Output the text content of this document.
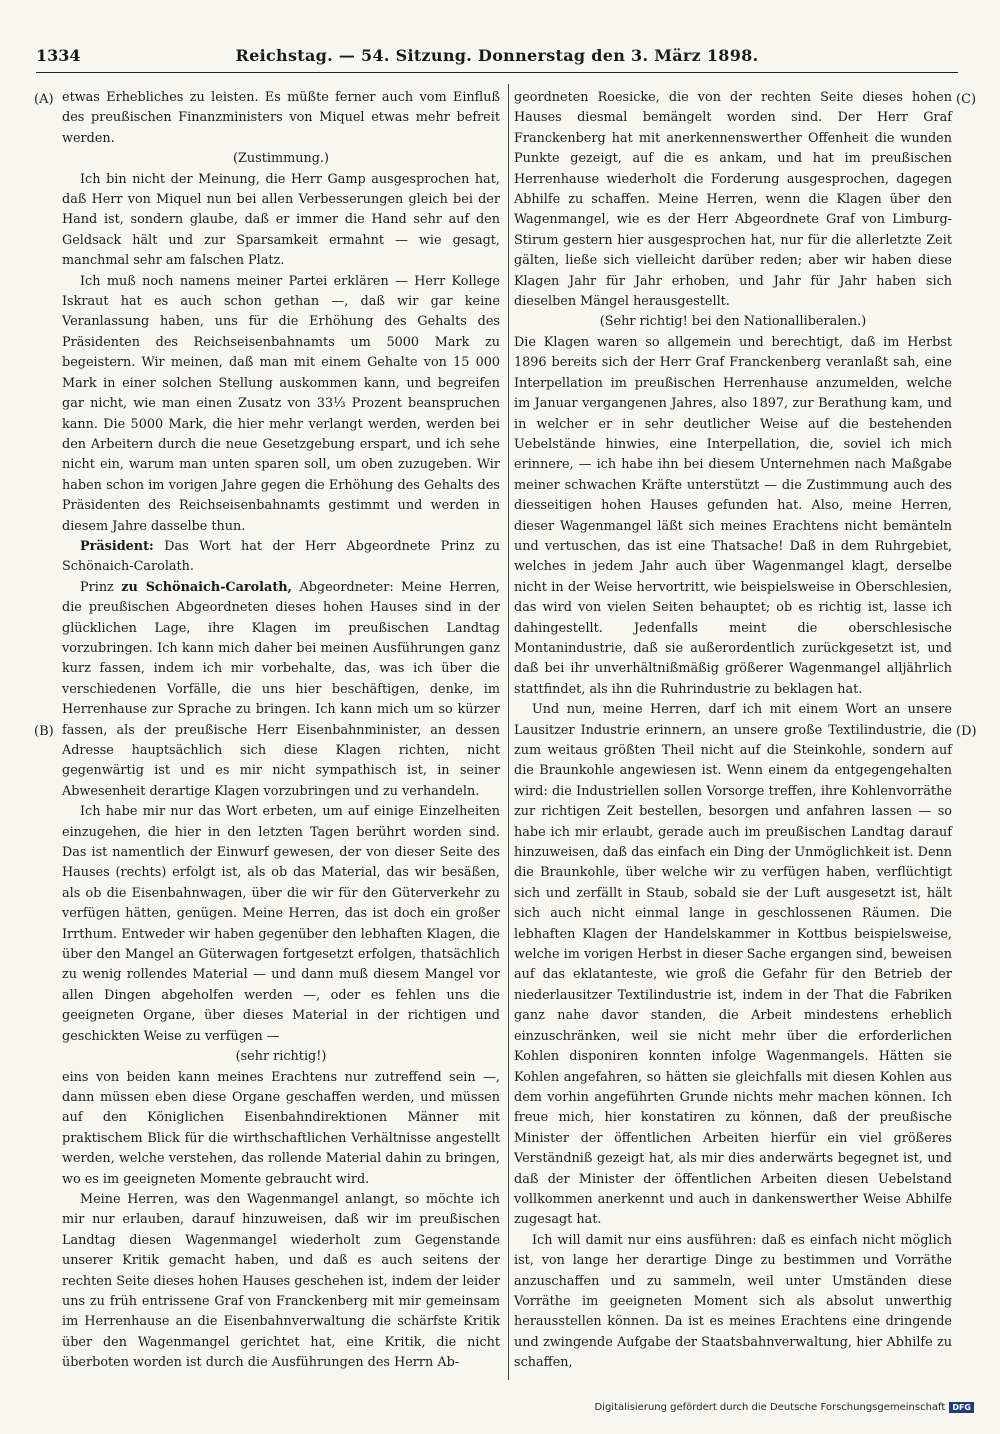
1334	Reichstag. — 54. Sitzung. Donnerstag den 3. März 1898.
(A)
(B)
(C)
(D)

etwas Erhebliches zu leisten. Es müßte ferner auch vom Einfluß des preußischen Finanzministers von Miquel etwas mehr befreit werden.

(Zustimmung.)

Ich bin nicht der Meinung, die Herr Gamp ausgesprochen hat, daß Herr von Miquel nun bei allen Verbesserungen gleich bei der Hand ist, sondern glaube, daß er immer die Hand sehr auf den Geldsack hält und zur Sparsamkeit ermahnt — wie gesagt, manchmal sehr am falschen Platz.

Ich muß noch namens meiner Partei erklären — Herr Kollege Iskraut hat es auch schon gethan —, daß wir gar keine Veranlassung haben, uns für die Erhöhung des Gehalts des Präsidenten des Reichseisenbahnamts um 5000 Mark zu begeistern. Wir meinen, daß man mit einem Gehalte von 15 000 Mark in einer solchen Stellung auskommen kann, und begreifen gar nicht, wie man einen Zusatz von 33⅓ Prozent beanspruchen kann. Die 5000 Mark, die hier mehr verlangt werden, werden bei den Arbeitern durch die neue Gesetzgebung erspart, und ich sehe nicht ein, warum man unten sparen soll, um oben zuzugeben. Wir haben schon im vorigen Jahre gegen die Erhöhung des Gehalts des Präsidenten des Reichseisenbahnamts gestimmt und werden in diesem Jahre dasselbe thun.

Präsident: Das Wort hat der Herr Abgeordnete Prinz zu Schönaich-Carolath.

Prinz zu Schönaich-Carolath, Abgeordneter: Meine Herren, die preußischen Abgeordneten dieses hohen Hauses sind in der glücklichen Lage, ihre Klagen im preußischen Landtag vorzubringen. Ich kann mich daher bei meinen Ausführungen ganz kurz fassen, indem ich mir vorbehalte, das, was ich über die verschiedenen Vorfälle, die uns hier beschäftigen, denke, im Herrenhause zur Sprache zu bringen. Ich kann mich um so kürzer fassen, als der preußische Herr Eisenbahnminister, an dessen Adresse hauptsächlich sich diese Klagen richten, nicht gegenwärtig ist und es mir nicht sympathisch ist, in seiner Abwesenheit derartige Klagen vorzubringen und zu verhandeln.

Ich habe mir nur das Wort erbeten, um auf einige Einzelheiten einzugehen, die hier in den letzten Tagen berührt worden sind. Das ist namentlich der Einwurf gewesen, der von dieser Seite des Hauses (rechts) erfolgt ist, als ob das Material, das wir besäßen, als ob die Eisenbahnwagen, über die wir für den Güterverkehr zu verfügen hätten, genügen. Meine Herren, das ist doch ein großer Irrthum. Entweder wir haben gegenüber den lebhaften Klagen, die über den Mangel an Güterwagen fortgesetzt erfolgen, thatsächlich zu wenig rollendes Material — und dann muß diesem Mangel vor allen Dingen abgeholfen werden —, oder es fehlen uns die geeigneten Organe, über dieses Material in der richtigen und geschickten Weise zu verfügen —

(sehr richtig!)

eins von beiden kann meines Erachtens nur zutreffend sein —, dann müssen eben diese Organe geschaffen werden, und müssen auf den Königlichen Eisenbahndirektionen Männer mit praktischem Blick für die wirthschaftlichen Verhältnisse angestellt werden, welche verstehen, das rollende Material dahin zu bringen, wo es im geeigneten Momente gebraucht wird.

Meine Herren, was den Wagenmangel anlangt, so möchte ich mir nur erlauben, darauf hinzuweisen, daß wir im preußischen Landtag diesen Wagenmangel wiederholt zum Gegenstande unserer Kritik gemacht haben, und daß es auch seitens der rechten Seite dieses hohen Hauses geschehen ist, indem der leider uns zu früh entrissene Graf von Franckenberg mit mir gemeinsam im Herrenhause an die Eisenbahnverwaltung die schärfste Kritik über den Wagenmangel gerichtet hat, eine Kritik, die nicht überboten worden ist durch die Ausführungen des Herrn Ab-

geordneten Roesicke, die von der rechten Seite dieses hohen Hauses diesmal bemängelt worden sind. Der Herr Graf Franckenberg hat mit anerkennenswerther Offenheit die wunden Punkte gezeigt, auf die es ankam, und hat im preußischen Herrenhause wiederholt die Forderung ausgesprochen, dagegen Abhilfe zu schaffen. Meine Herren, wenn die Klagen über den Wagenmangel, wie es der Herr Abgeordnete Graf von Limburg-Stirum gestern hier ausgesprochen hat, nur für die allerletzte Zeit gälten, ließe sich vielleicht darüber reden; aber wir haben diese Klagen Jahr für Jahr erhoben, und Jahr für Jahr haben sich dieselben Mängel herausgestellt.

(Sehr richtig! bei den Nationalliberalen.)

Die Klagen waren so allgemein und berechtigt, daß im Herbst 1896 bereits sich der Herr Graf Franckenberg veranlaßt sah, eine Interpellation im preußischen Herrenhause anzumelden, welche im Januar vergangenen Jahres, also 1897, zur Berathung kam, und in welcher er in sehr deutlicher Weise auf die bestehenden Uebelstände hinwies, eine Interpellation, die, soviel ich mich erinnere, — ich habe ihn bei diesem Unternehmen nach Maßgabe meiner schwachen Kräfte unterstützt — die Zustimmung auch des diesseitigen hohen Hauses gefunden hat. Also, meine Herren, dieser Wagenmangel läßt sich meines Erachtens nicht bemänteln und vertuschen, das ist eine Thatsache! Daß in dem Ruhrgebiet, welches in jedem Jahr auch über Wagenmangel klagt, derselbe nicht in der Weise hervortritt, wie beispielsweise in Oberschlesien, das wird von vielen Seiten behauptet; ob es richtig ist, lasse ich dahingestellt. Jedenfalls meint die oberschlesische Montanindustrie, daß sie außerordentlich zurückgesetzt ist, und daß bei ihr unverhältnißmäßig größerer Wagenmangel alljährlich stattfindet, als ihn die Ruhrindustrie zu beklagen hat.

Und nun, meine Herren, darf ich mit einem Wort an unsere Lausitzer Industrie erinnern, an unsere große Textilindustrie, die zum weitaus größten Theil nicht auf die Steinkohle, sondern auf die Braunkohle angewiesen ist. Wenn einem da entgegengehalten wird: die Industriellen sollen Vorsorge treffen, ihre Kohlenvorräthe zur richtigen Zeit bestellen, besorgen und anfahren lassen — so habe ich mir erlaubt, gerade auch im preußischen Landtag darauf hinzuweisen, daß das einfach ein Ding der Unmöglichkeit ist. Denn die Braunkohle, über welche wir zu verfügen haben, verflüchtigt sich und zerfällt in Staub, sobald sie der Luft ausgesetzt ist, hält sich auch nicht einmal lange in geschlossenen Räumen. Die lebhaften Klagen der Handelskammer in Kottbus beispielsweise, welche im vorigen Herbst in dieser Sache ergangen sind, beweisen auf das eklatanteste, wie groß die Gefahr für den Betrieb der niederlausitzer Textilindustrie ist, indem in der That die Fabriken ganz nahe davor standen, die Arbeit mindestens erheblich einzuschränken, weil sie nicht mehr über die erforderlichen Kohlen disponiren konnten infolge Wagenmangels. Hätten sie Kohlen angefahren, so hätten sie gleichfalls mit diesen Kohlen aus dem vorhin angeführten Grunde nichts mehr machen können. Ich freue mich, hier konstatiren zu können, daß der preußische Minister der öffentlichen Arbeiten hierfür ein viel größeres Verständniß gezeigt hat, als mir dies anderwärts begegnet ist, und daß der Minister der öffentlichen Arbeiten diesen Uebelstand vollkommen anerkennt und auch in dankenswerther Weise Abhilfe zugesagt hat.

Ich will damit nur eins ausführen: daß es einfach nicht möglich ist, von lange her derartige Dinge zu bestimmen und Vorräthe anzuschaffen und zu sammeln, weil unter Umständen diese Vorräthe im geeigneten Moment sich als absolut unwerthig herausstellen können. Da ist es meines Erachtens eine dringende und zwingende Aufgabe der Staatsbahnverwaltung, hier Abhilfe zu schaffen,

Digitalisierung gefördert durch die Deutsche Forschungsgemeinschaft DFG
